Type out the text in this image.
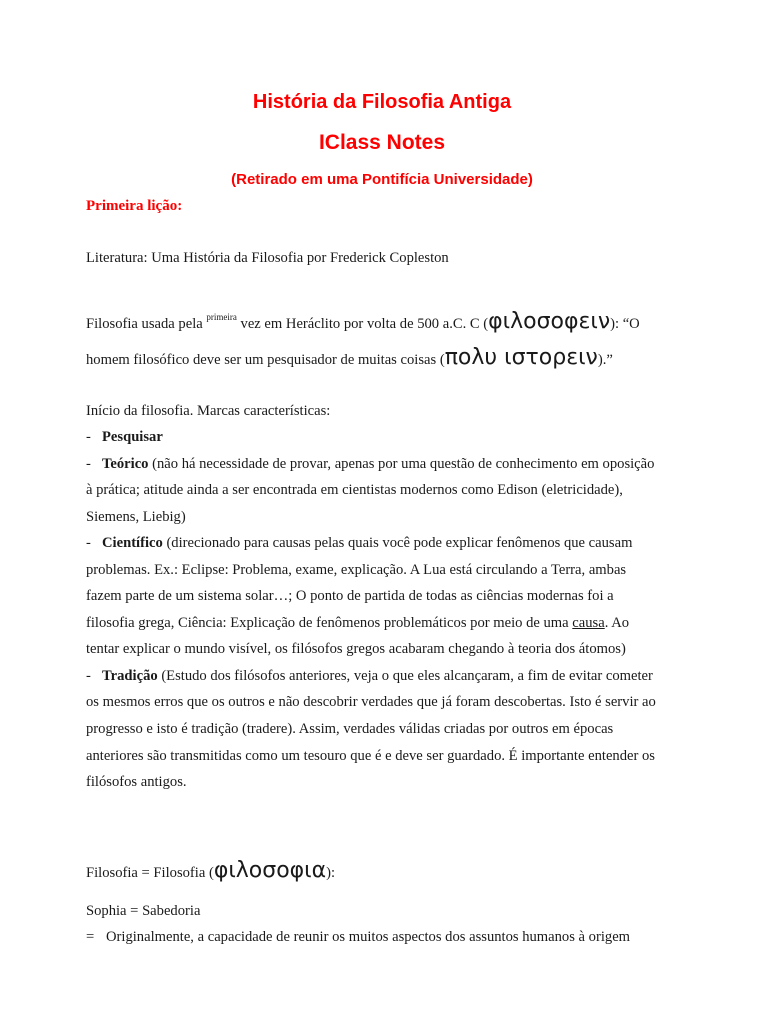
História da Filosofia Antiga
IClass Notes
(Retirado em uma Pontifícia Universidade)

Primeira lição:

Literatura: Uma História da Filosofia por Frederick Copleston

Filosofia usada pela $^{primeira}$ vez em Heráclito por volta de 500 a.C. C (φιλοσοφειν): “O

homem filosófico deve ser um pesquisador de muitas coisas (πολυ ιστορειν).”

Início da filosofia. Marcas características:

- Pesquisar

- Teórico (não há necessidade de provar, apenas por uma questão de conhecimento em oposição

à prática; atitude ainda a ser encontrada em cientistas modernos como Edison (eletricidade),

Siemens, Liebig)

- Científico (direcionado para causas pelas quais você pode explicar fenômenos que causam

problemas. Ex.: Eclipse: Problema, exame, explicação. A Lua está circulando a Terra, ambas

fazem parte de um sistema solar…; O ponto de partida de todas as ciências modernas foi a

filosofia grega, Ciência: Explicação de fenômenos problemáticos por meio de uma causa. Ao

tentar explicar o mundo visível, os filósofos gregos acabaram chegando à teoria dos átomos)

- Tradição (Estudo dos filósofos anteriores, veja o que eles alcançaram, a fim de evitar cometer

os mesmos erros que os outros e não descobrir verdades que já foram descobertas. Isto é servir ao

progresso e isto é tradição (tradere). Assim, verdades válidas criadas por outros em épocas

anteriores são transmitidas como um tesouro que é e deve ser guardado. É importante entender os

filósofos antigos.

Filosofia = Filosofia (φιλοσοφια):

Sophia = Sabedoria

= Originalmente, a capacidade de reunir os muitos aspectos dos assuntos humanos à origem
